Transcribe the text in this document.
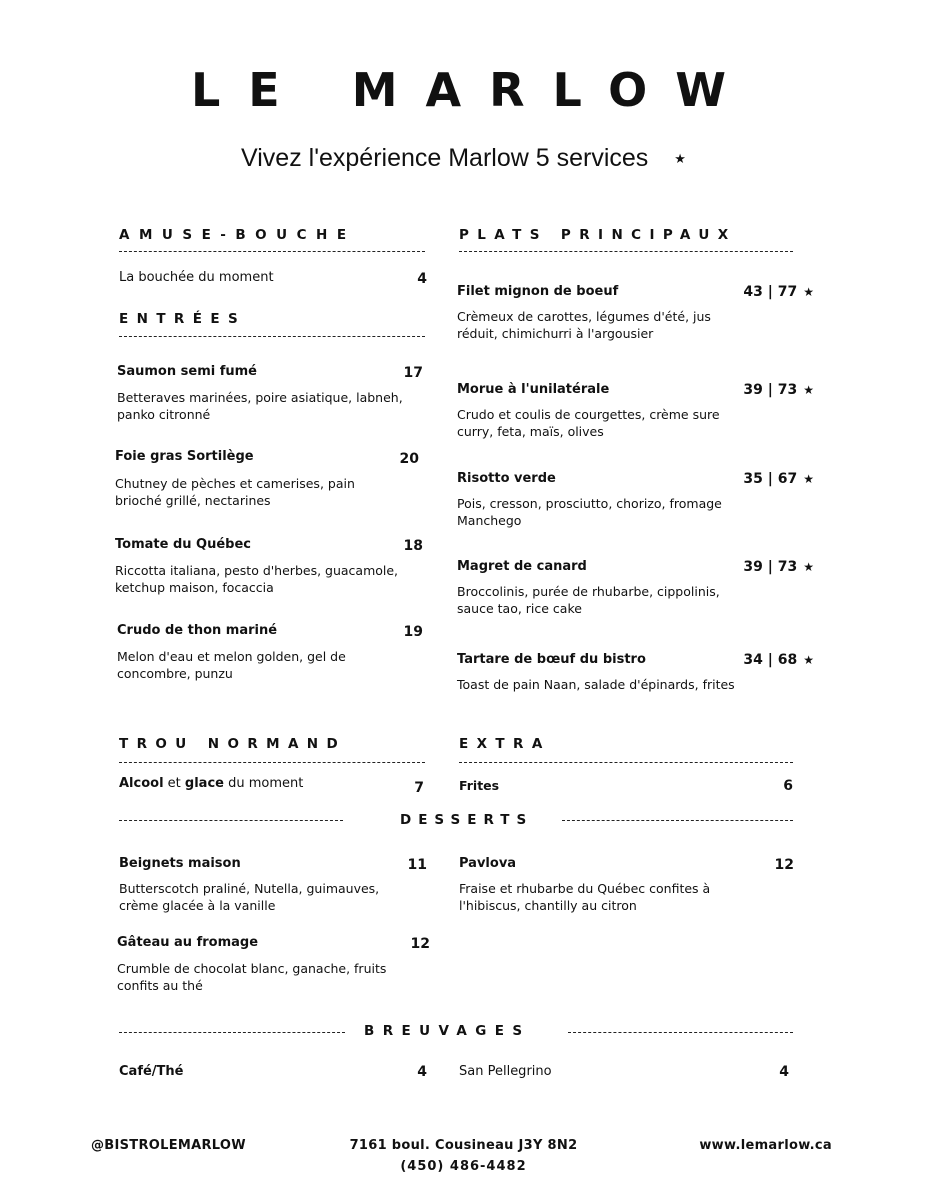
LE MARLOW
Vivez l'expérience Marlow 5 services ★
AMUSE-BOUCHE
La bouchée du moment	4
ENTRÉES
Saumon semi fumé	17
Betteraves marinées, poire asiatique, labneh, panko citronné
Foie gras Sortilège	20
Chutney de pèches et camerises, pain brioché grillé, nectarines
Tomate du Québec	18
Riccotta italiana, pesto d'herbes, guacamole, ketchup maison, focaccia
Crudo de thon mariné	19
Melon d'eau et melon golden, gel de concombre, punzu
PLATS PRINCIPAUX
Filet mignon de boeuf	43 | 77 ★
Crèmeux de carottes, légumes d'été, jus réduit, chimichurri à l'argousier
Morue à l'unilatérale	39 | 73 ★
Crudo et coulis de courgettes, crème sure curry, feta, maïs, olives
Risotto verde	35 | 67 ★
Pois, cresson, prosciutto, chorizo, fromage Manchego
Magret de canard	39 | 73 ★
Broccolinis, purée de rhubarbe, cippolinis, sauce tao, rice cake
Tartare de bœuf du bistro	34 | 68 ★
Toast de pain Naan, salade d'épinards, frites
TROU NORMAND
Alcool et glace du moment	7
EXTRA
Frites	6
DESSERTS
Beignets maison	11
Butterscotch praliné, Nutella, guimauves, crème glacée à la vanille
Gâteau au fromage	12
Crumble de chocolat blanc, ganache, fruits confits au thé
Pavlova	12
Fraise et rhubarbe du Québec confites à l'hibiscus, chantilly au citron
BREUVAGES
Café/Thé	4 San Pellegrino	4
@BISTROLEMARLOW	7161 boul. Cousineau J3Y 8N2
(450) 486-4482
www.lemarlow.ca
